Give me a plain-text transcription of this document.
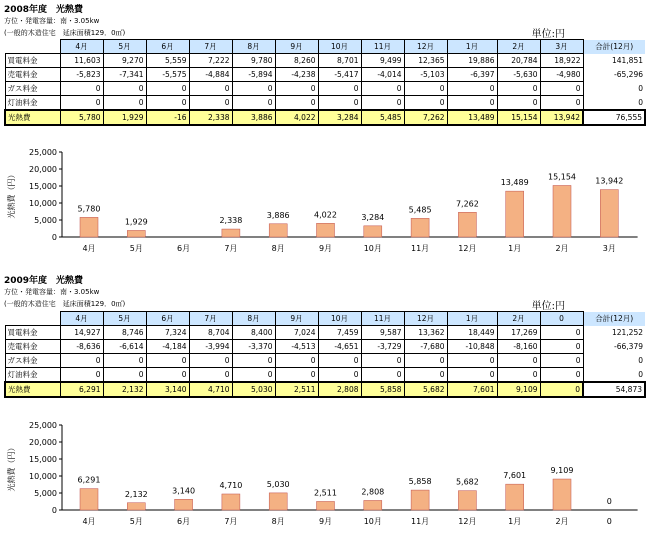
2008年度　光熱費
方位・発電容量：南・3.05kw
(一般的木造住宅　延床面積129．0㎡)	単位:円
	4月	5月	6月	7月	8月	9月	10月	11月	12月	1月	2月	3月	合計(12月)
買電料金	11,603	9,270	5,559	7,222	9,780	8,260	8,701	9,499	12,365	19,886	20,784	18,922	141,851
売電料金	-5,823	-7,341	-5,575	-4,884	-5,894	-4,238	-5,417	-4,014	-5,103	-6,397	-5,630	-4,980	-65,296
ガス料金	0	0	0	0	0	0	0	0	0	0	0	0	0
灯油料金	0	0	0	0	0	0	0	0	0	0	0	0	0
光熱費	5,780	1,929	-16	2,338	3,886	4,022	3,284	5,485	7,262	13,489	15,154	13,942	76,555
0
5,000
10,000
15,000
20,000
25,000
光熱費（円）	5,780
4月
1,929
5月	6月
2,338
7月
3,886
8月
4,022
9月
3,284
10月
5,485
11月
7,262
12月
13,489
1月
15,154
2月
13,942
3月
2009年度　光熱費
方位・発電容量：南・3.05kw
(一般的木造住宅　延床面積129．0㎡)	単位:円
	4月	5月	6月	7月	8月	9月	10月	11月	12月	1月	2月	0	合計(12月)
買電料金	14,927	8,746	7,324	8,704	8,400	7,024	7,459	9,587	13,362	18,449	17,269	0	121,252
売電料金	-8,636	-6,614	-4,184	-3,994	-3,370	-4,513	-4,651	-3,729	-7,680	-10,848	-8,160	0	-66,379
ガス料金	0	0	0	0	0	0	0	0	0	0	0	0	0
灯油料金	0	0	0	0	0	0	0	0	0	0	0	0	0
光熱費	6,291	2,132	3,140	4,710	5,030	2,511	2,808	5,858	5,682	7,601	9,109	0	54,873
0
5,000
10,000
15,000
20,000
25,000
光熱費（円）	6,291
4月
2,132
5月
3,140
6月
4,710
7月
5,030
8月
2,511
9月
2,808
10月
5,858
11月
5,682
12月
7,601
1月
9,109
2月
0
0
